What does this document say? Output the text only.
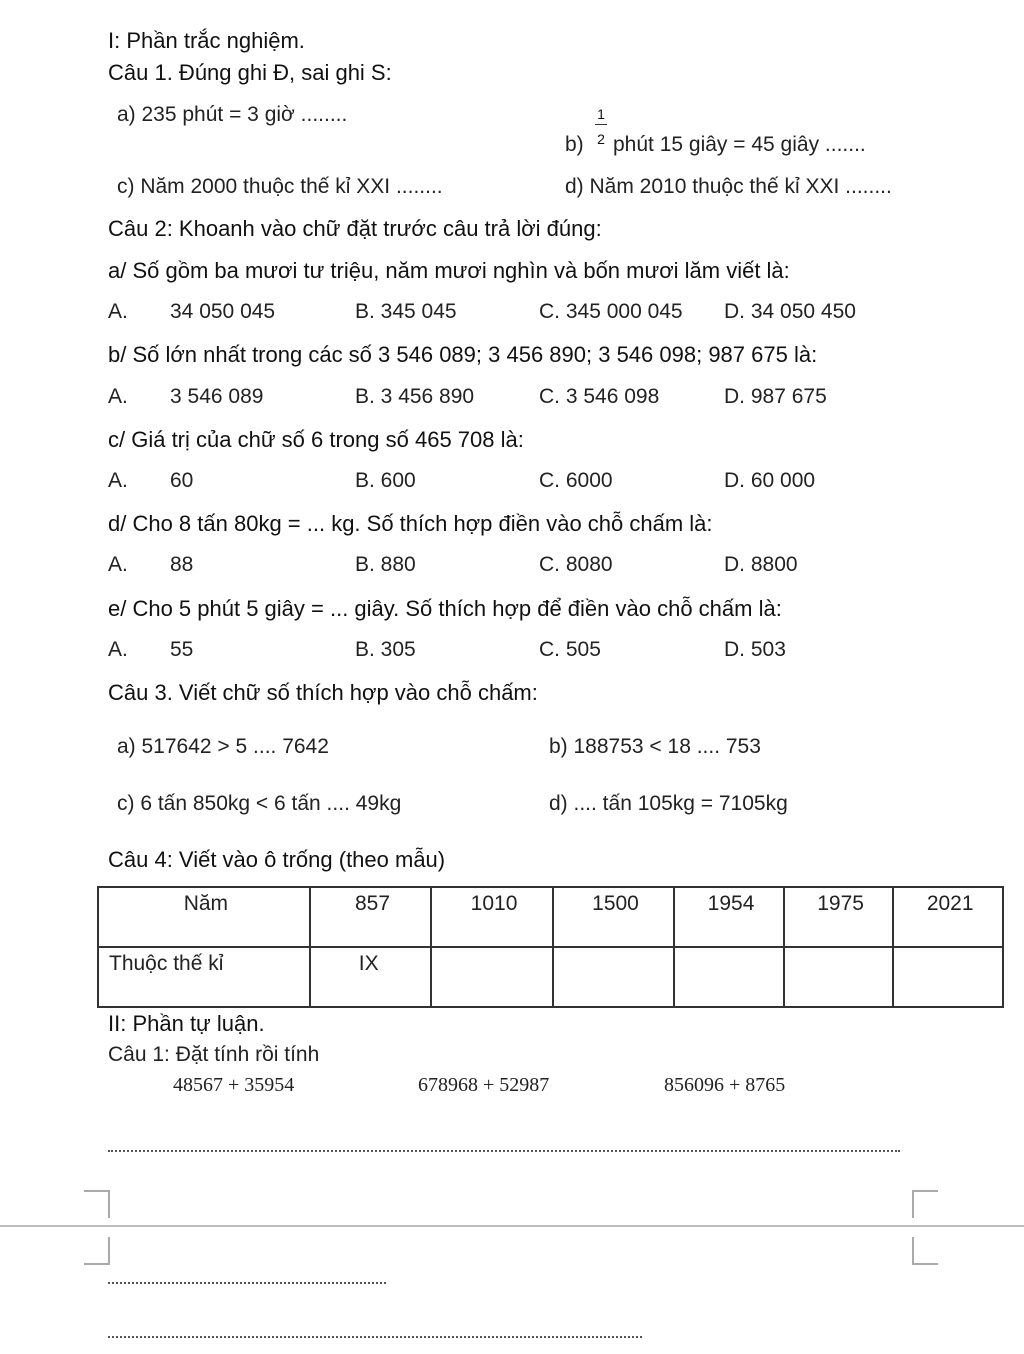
I: Phần trắc nghiệm.
Câu 1. Đúng ghi Đ, sai ghi S:
a) 235 phút = 3 giờ ........
b)
1
2 phút 15 giây = 45 giây .......
c) Năm 2000 thuộc thế kỉ XXI ........	d) Năm 2010 thuộc thế kỉ XXI ........
Câu 2: Khoanh vào chữ đặt trước câu trả lời đúng:
a/ Số gồm ba mươi tư triệu, năm mươi nghìn và bốn mươi lăm viết là:
A. 34 050 045	B. 345 045	C. 345 000 045 D. 34 050 450
b/ Số lớn nhất trong các số 3 546 089; 3 456 890; 3 546 098; 987 675 là:
A. 3 546 089	B. 3 456 890	C. 3 546 098	D. 987 675
c/ Giá trị của chữ số 6 trong số 465 708 là:
A. 60	B. 600	C. 6000	D. 60 000
d/ Cho 8 tấn 80kg = ... kg. Số thích hợp điền vào chỗ chấm là:
A. 88	B. 880	C. 8080	D. 8800
e/ Cho 5 phút 5 giây = ... giây. Số thích hợp để điền vào chỗ chấm là:
A. 55	B. 305	C. 505	D. 503
Câu 3. Viết chữ số thích hợp vào chỗ chấm:
a) 517642 > 5 .... 7642	b) 188753 < 18 .... 753
c) 6 tấn 850kg < 6 tấn .... 49kg	d) .... tấn 105kg = 7105kg
Câu 4: Viết vào ô trống (theo mẫu)
Năm	857	1010	1500	1954	1975	2021
Thuộc thế kỉ	IX					
II: Phần tự luận.
Câu 1: Đặt tính rồi tính
48567 + 35954	678968 + 52987	856096 + 8765
